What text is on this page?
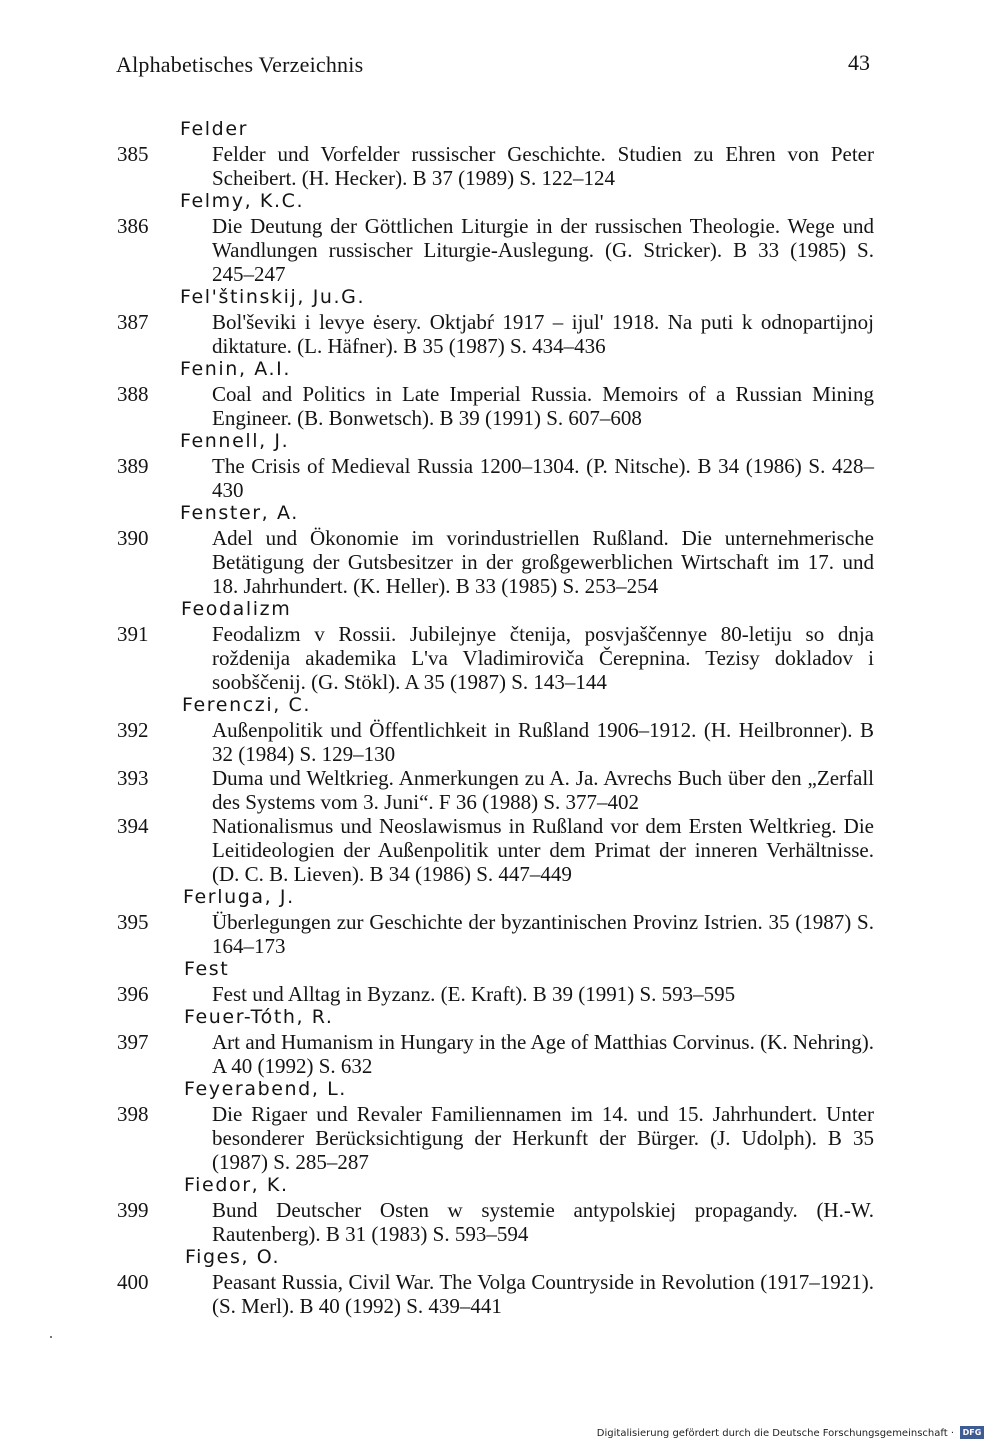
Alphabetisches Verzeichnis	43
Felder
385	Felder und Vorfelder russischer Geschichte. Studien zu Ehren von Peter Scheibert. (H. Hecker). B 37 (1989) S. 122–124
Felmy, K.C.
386	Die Deutung der Göttlichen Liturgie in der russischen Theologie. Wege und Wandlungen russischer Liturgie-Auslegung. (G. Stricker). B 33 (1985) S. 245–247
Fel'štinskij, Ju.G.
387	Bol'ševiki i levye ėsery. Oktjabŕ 1917 – ijul' 1918. Na puti k odnopartijnoj diktature. (L. Häfner). B 35 (1987) S. 434–436
Fenin, A.I.
388	Coal and Politics in Late Imperial Russia. Memoirs of a Russian Mining Engineer. (B. Bonwetsch). B 39 (1991) S. 607–608
Fennell, J.
389	The Crisis of Medieval Russia 1200–1304. (P. Nitsche). B 34 (1986) S. 428–430
Fenster, A.
390	Adel und Ökonomie im vorindustriellen Rußland. Die unternehmerische Betätigung der Gutsbesitzer in der großgewerblichen Wirtschaft im 17. und 18. Jahrhundert. (K. Heller). B 33 (1985) S. 253–254
Feodalizm
391	Feodalizm v Rossii. Jubilejnye čtenija, posvjaščennye 80-letiju so dnja roždenija akademika L'va Vladimiroviča Čerepnina. Tezisy dokladov i soobščenij. (G. Stökl). A 35 (1987) S. 143–144
Ferenczi, C.
392	Außenpolitik und Öffentlichkeit in Rußland 1906–1912. (H. Heilbronner). B 32 (1984) S. 129–130
393	Duma und Weltkrieg. Anmerkungen zu A. Ja. Avrechs Buch über den „Zerfall des Systems vom 3. Juni“. F 36 (1988) S. 377–402
394	Nationalismus und Neoslawismus in Rußland vor dem Ersten Weltkrieg. Die Leitideologien der Außenpolitik unter dem Primat der inneren Verhältnisse. (D. C. B. Lieven). B 34 (1986) S. 447–449
Ferluga, J.
395	Überlegungen zur Geschichte der byzantinischen Provinz Istrien. 35 (1987) S. 164–173
Fest
396	Fest und Alltag in Byzanz. (E. Kraft). B 39 (1991) S. 593–595
Feuer-Tóth, R.
397	Art and Humanism in Hungary in the Age of Matthias Corvinus. (K. Nehring). A 40 (1992) S. 632
Feyerabend, L.
398	Die Rigaer und Revaler Familiennamen im 14. und 15. Jahrhundert. Unter besonderer Berücksichtigung der Herkunft der Bürger. (J. Udolph). B 35 (1987) S. 285–287
Fiedor, K.
399	Bund Deutscher Osten w systemie antypolskiej propagandy. (H.-W. Rautenberg). B 31 (1983) S. 593–594
Figes, O.
400	Peasant Russia, Civil War. The Volga Countryside in Revolution (1917–1921). (S. Merl). B 40 (1992) S. 439–441
Digitalisierung gefördert durch die Deutsche Forschungsgemeinschaft ·	DFG
